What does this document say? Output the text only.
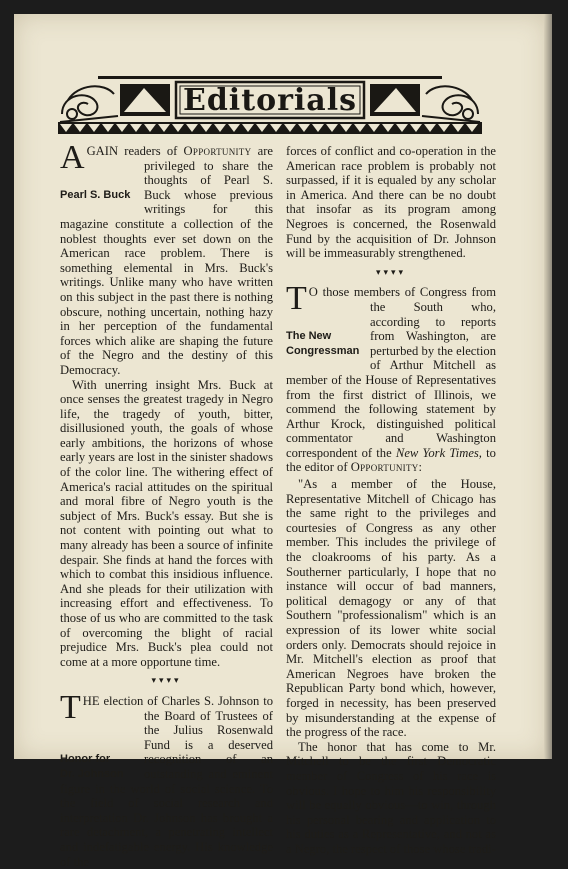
Editorials

AGAIN readers of Opportunity
Pearl S. Buck
are privileged to share the thoughts of Pearl S. Buck whose previous writings for this magazine constitute a collection of the noblest thoughts ever set down on the American race problem. There is something elemental in Mrs. Buck's writings. Unlike many who have written on this subject in the past there is nothing obscure, nothing uncertain, nothing hazy in her perception of the fundamental forces which alike are shaping the future of the Negro and the destiny of this Democracy.

With unerring insight Mrs. Buck at once senses the greatest tragedy in Negro life, the tragedy of youth, bitter, disillusioned youth, the goals of whose early ambitions, the horizons of whose early years are lost in the sinister shadows of the color line. The withering effect of America's racial attitudes on the spiritual and moral fibre of Negro youth is the subject of Mrs. Buck's essay. But she is not content with pointing out what to many already has been a source of infinite despair. She finds at hand the forces with which to combat this insidious influence. And she pleads for their utilization with increasing effort and effectiveness. To those of us who are committed to the task of overcoming the blight of racial prejudice Mrs. Buck's plea could not come at a more opportune time.

▾▾▾▾

T
Honor for
Dr. Johnson
HE election of Charles S. Johnson to the Board of Trustees of the Julius Rosenwald Fund is a deserved recognition of an outstanding and eminent figure in the world of social science. To the field of social research and interpretation Dr. Johnson has brought a rare detachment, a penetrating intellect and indefatigable energy. His knowledge of the

forces of conflict and co-operation in the American race problem is probably not surpassed, if it is equaled by any scholar in America. And there can be no doubt that insofar as its program among Negroes is concerned, the Rosenwald Fund by the acquisition of Dr. Johnson will be immeasurably strengthened.

▾▾▾▾

T
The New
Congressman
O those members of Congress from the South who, according to reports from Washington, are perturbed by the election of Arthur Mitchell as member of the House of Representatives from the first district of Illinois, we commend the following statement by Arthur Krock, distinguished political commentator and Washington correspondent of the New York Times, to the editor of Opportunity:

"As a member of the House, Representative Mitchell of Chicago has the same right to the privileges and courtesies of Congress as any other member. This includes the privilege of the cloakrooms of his party. As a Southerner particularly, I hope that no instance will occur of bad manners, political demagogy or any of that Southern "professionalism" which is an expression of its lower white social orders only. Democrats should rejoice in Mr. Mitchell's election as proof that American Negroes have broken the Republican Party bond which, however, forged in necessity, has been preserved by misunderstanding at the expense of the progress of the race.

The honor that has come to Mr. Mitchell to be the first Democratic member of Congress of his race is obvious. I hope to him his responsibility will be equally obvious—to win, through his personal bearing and application to his duties as a Representative, and not as a Negro, the respect of those whose tradi-
